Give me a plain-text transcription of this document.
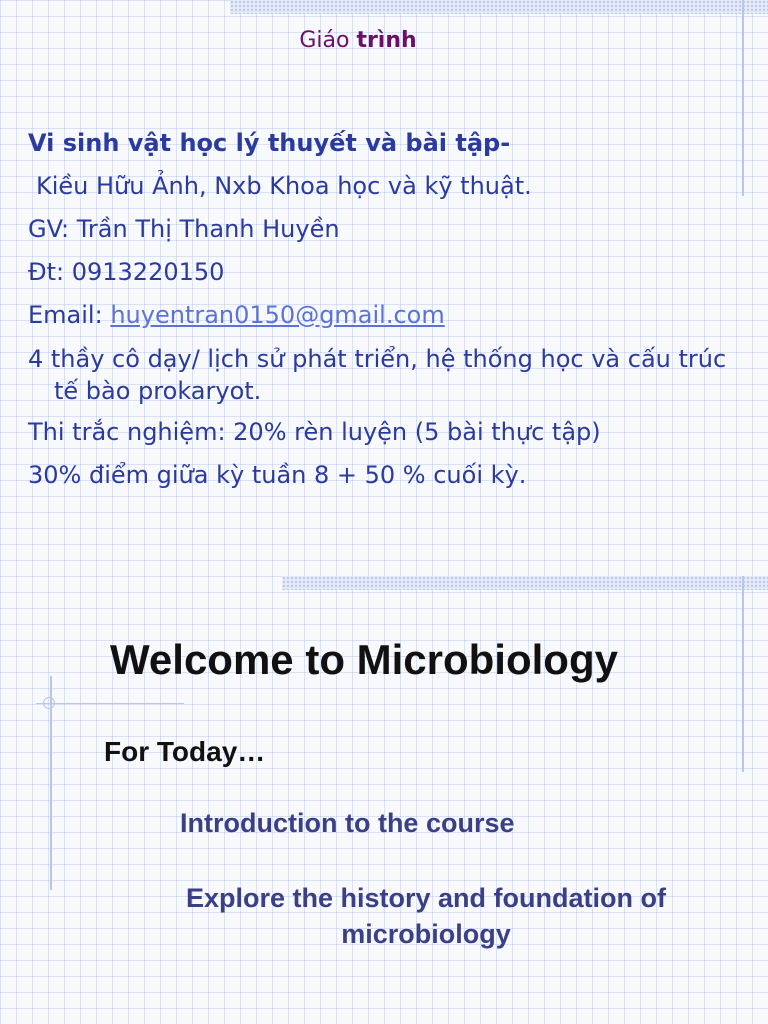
Giáo trình
Vi sinh vật học lý thuyết và bài tập-
Kiều Hữu Ảnh, Nxb Khoa học và kỹ thuật.
GV: Trần Thị Thanh Huyền
Đt: 0913220150
Email: huyentran0150@gmail.com
4 thầy cô dạy/ lịch sử phát triển, hệ thống học và cấu trúc tế bào prokaryot.
Thi trắc nghiệm: 20% rèn luyện (5 bài thực tập)
30% điểm giữa kỳ tuần 8 + 50 % cuối kỳ.
Welcome to Microbiology
For Today…
Introduction to the course
Explore the history and foundation of microbiology
